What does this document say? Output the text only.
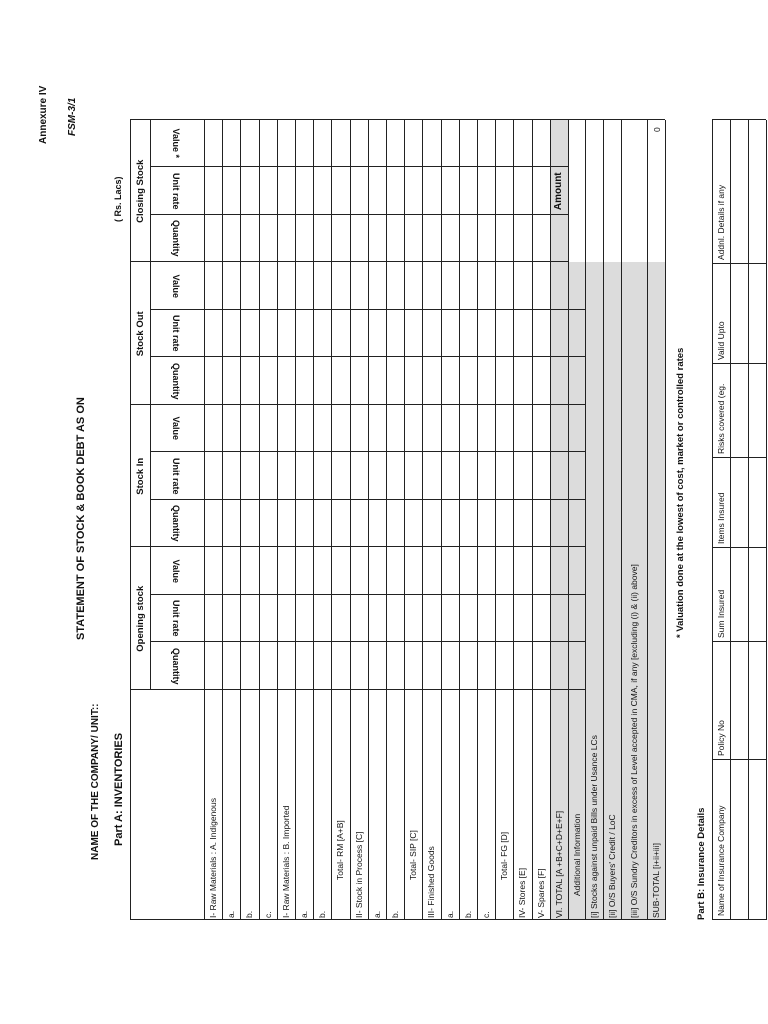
Annexure IV FSM-3/1
STATEMENT OF STOCK & BOOK DEBT AS ON
NAME OF THE COMPANY/ UNIT:: Part A: INVENTORIES
( Rs. Lacs)
I- Raw Materials : A. Indigenous a. b. c. I- Raw Materials : B. Imported a. b.
Total- RM [A+B] II- Stock in Process [C] a. b.
Total- SIP [C] III- Finished Goods a. b. c.
Total- FG [D]
IV- Stores [E] V- Spares [F] VI. TOTAL [A +B+C+D+E+F] Additional Information
Amount
[i] Stocks against unpaid Bills under Usance LCs [ii] O/S Buyers' Credit / LoC [iii] O/S Sundry Creditors in excess of Level accepted in CMA, if any [excluding (i) & (ii) above] SUB-TOTAL [i+ii+iii]
0
Opening stock
Stock In
Stock Out
Closing Stock
Quantity
Unit rate
Value
Quantity
Unit rate
Value
Quantity
Unit rate
Value
Quantity
Unit rate
Value *
* Valuation done at the lowest of cost, market or controlled rates
Part B: Insurance Details Name of Insurance Company
Policy No
Sum Insured
Items Insured
Risks covered (eg.
Valid Upto
Addnl. Details if any
